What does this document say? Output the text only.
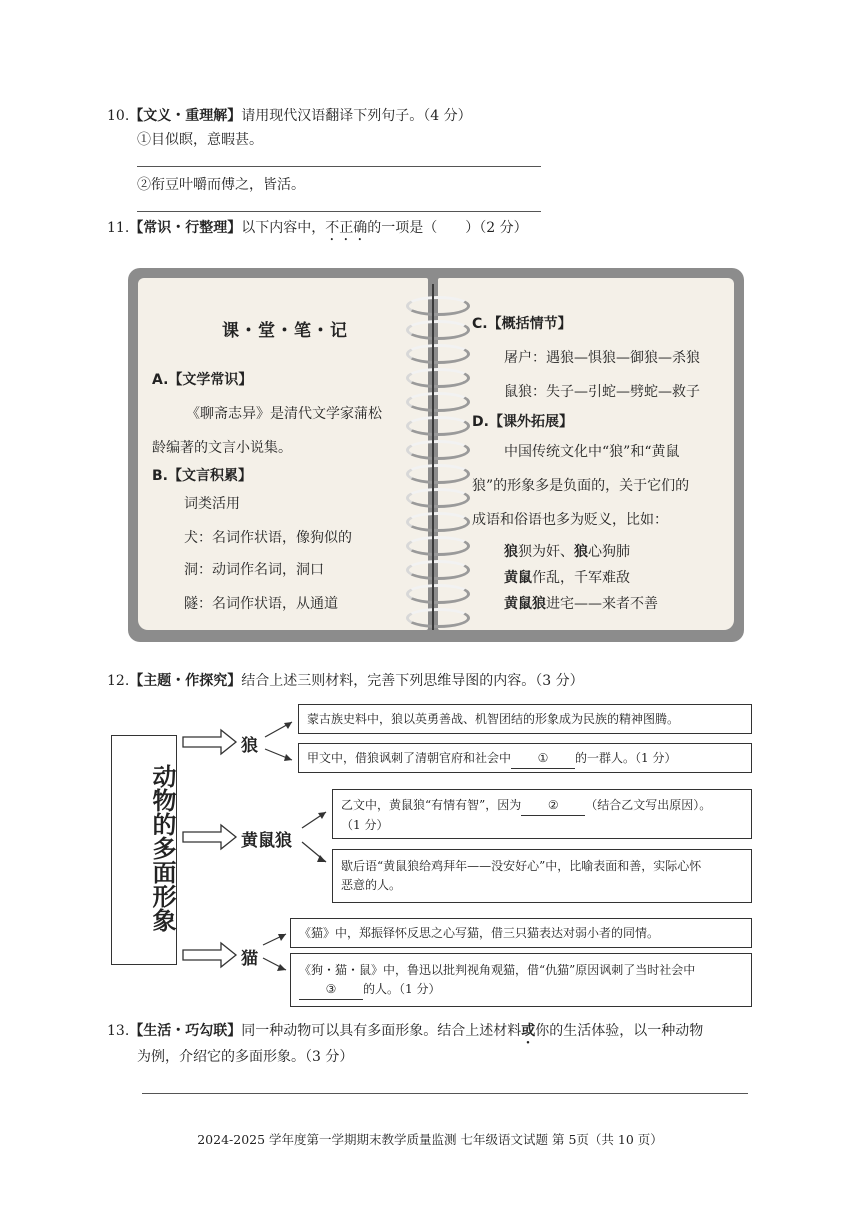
10.【文义・重理解】请用现代汉语翻译下列句子。（4 分）
①目似瞑，意暇甚。
②衔豆叶嚼而傅之，皆活。
11.【常识・行整理】以下内容中，不正确的一项是（　　）（2 分）
课・堂・笔・记
A.【文学常识】
《聊斋志异》是清代文学家蒲松
龄编著的文言小说集。
B.【文言积累】
词类活用
犬：名词作状语，像狗似的
洞：动词作名词，洞口
隧：名词作状语，从通道
C.【概括情节】
屠户：遇狼—惧狼—御狼—杀狼
鼠狼：失子—引蛇—劈蛇—救子
D.【课外拓展】
中国传统文化中“狼”和“黄鼠
狼”的形象多是负面的，关于它们的
成语和俗语也多为贬义，比如：
狼狈为奸、狼心狗肺
黄鼠作乱，千军难敌
黄鼠狼进宅——来者不善
12.【主题・作探究】结合上述三则材料，完善下列思维导图的内容。（3 分）
动物的多面形象
狼
黄鼠狼
猫
蒙古族史料中，狼以英勇善战、机智团结的形象成为民族的精神图腾。
甲文中，借狼讽刺了清朝官府和社会中 ① 的一群人。（1 分）
乙文中，黄鼠狼“有情有智”，因为 ② （结合乙文写出原因）。
（1 分）
歇后语“黄鼠狼给鸡拜年——没安好心”中，比喻表面和善，实际心怀
恶意的人。
《猫》中，郑振铎怀反思之心写猫，借三只猫表达对弱小者的同情。
《狗・猫・鼠》中，鲁迅以批判视角观猫，借“仇猫”原因讽刺了当时社会中
③ 的人。（1 分）
13.【生活・巧勾联】同一种动物可以具有多面形象。结合上述材料或你的生活体验，以一种动物
为例，介绍它的多面形象。（3 分）
2024-2025 学年度第一学期期末教学质量监测 七年级语文试题 第 5页（共 10 页）
